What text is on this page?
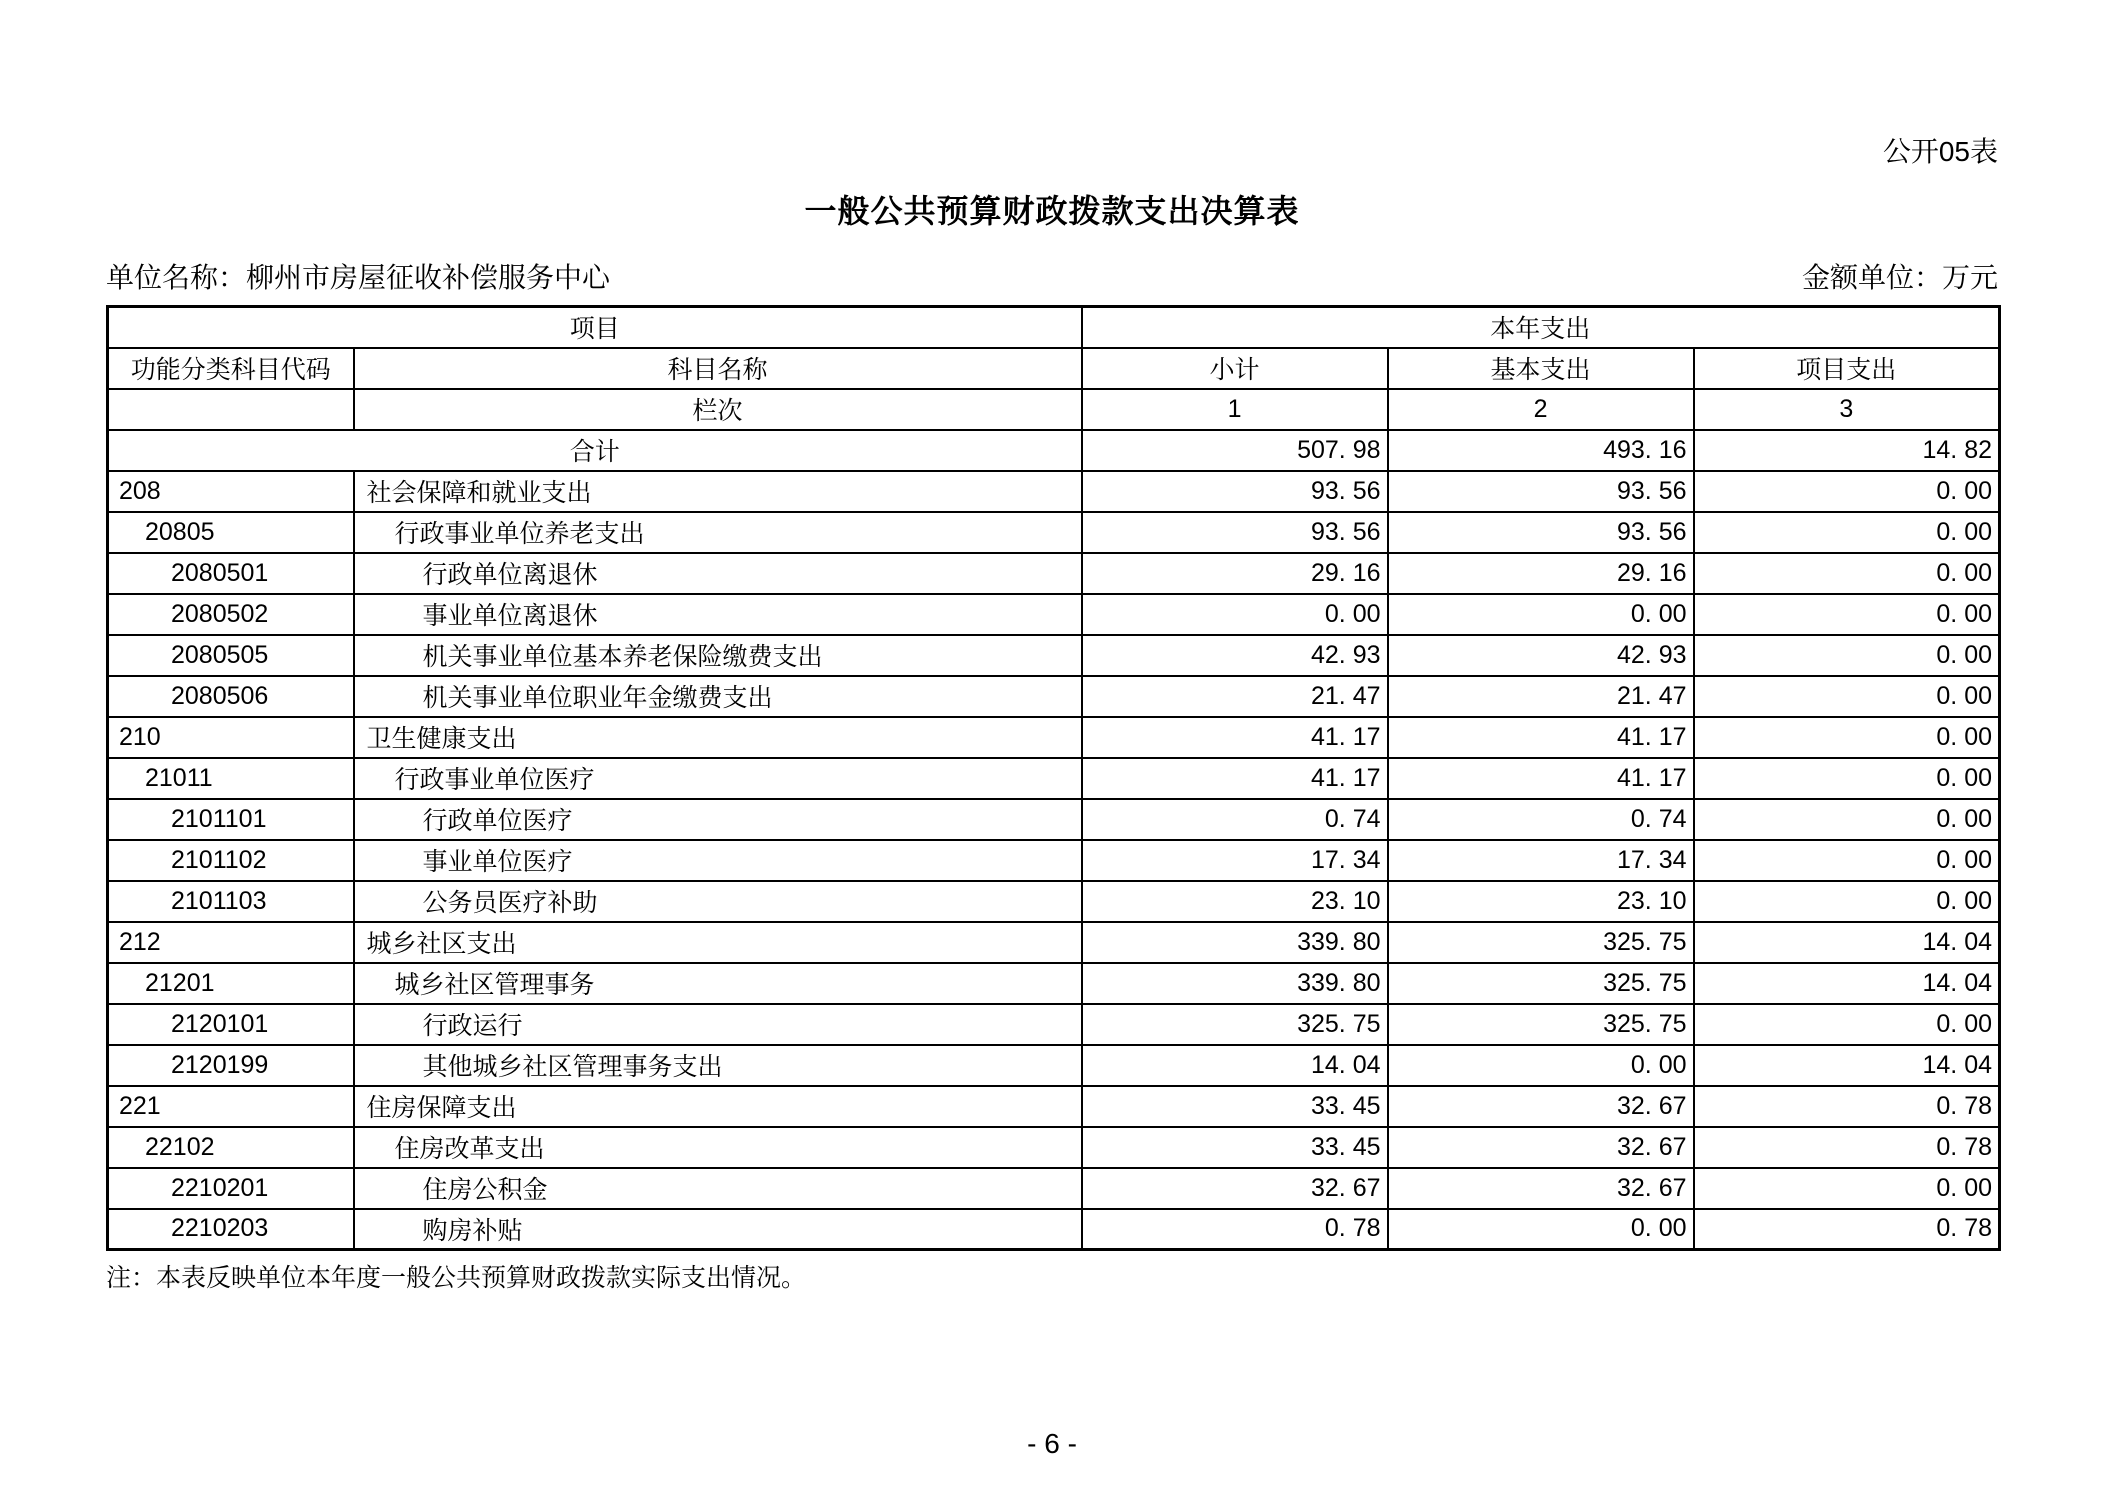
公开05表
一般公共预算财政拨款支出决算表
单位名称：柳州市房屋征收补偿服务中心	金额单位：万元
项目		本年支出		
功能分类科目代码	科目名称	小计	基本支出	项目支出
	栏次	1	2	3
合计		507. 98	493. 16	14. 82
208	社会保障和就业支出	93. 56	93. 56	0. 00
20805	行政事业单位养老支出	93. 56	93. 56	0. 00
2080501	行政单位离退休	29. 16	29. 16	0. 00
2080502	事业单位离退休	0. 00	0. 00	0. 00
2080505	机关事业单位基本养老保险缴费支出	42. 93	42. 93	0. 00
2080506	机关事业单位职业年金缴费支出	21. 47	21. 47	0. 00
210	卫生健康支出	41. 17	41. 17	0. 00
21011	行政事业单位医疗	41. 17	41. 17	0. 00
2101101	行政单位医疗	0. 74	0. 74	0. 00
2101102	事业单位医疗	17. 34	17. 34	0. 00
2101103	公务员医疗补助	23. 10	23. 10	0. 00
212	城乡社区支出	339. 80	325. 75	14. 04
21201	城乡社区管理事务	339. 80	325. 75	14. 04
2120101	行政运行	325. 75	325. 75	0. 00
2120199	其他城乡社区管理事务支出	14. 04	0. 00	14. 04
221	住房保障支出	33. 45	32. 67	0. 78
22102	住房改革支出	33. 45	32. 67	0. 78
2210201	住房公积金	32. 67	32. 67	0. 00
2210203	购房补贴	0. 78	0. 00	0. 78
注：本表反映单位本年度一般公共预算财政拨款实际支出情况。
- 6 -
